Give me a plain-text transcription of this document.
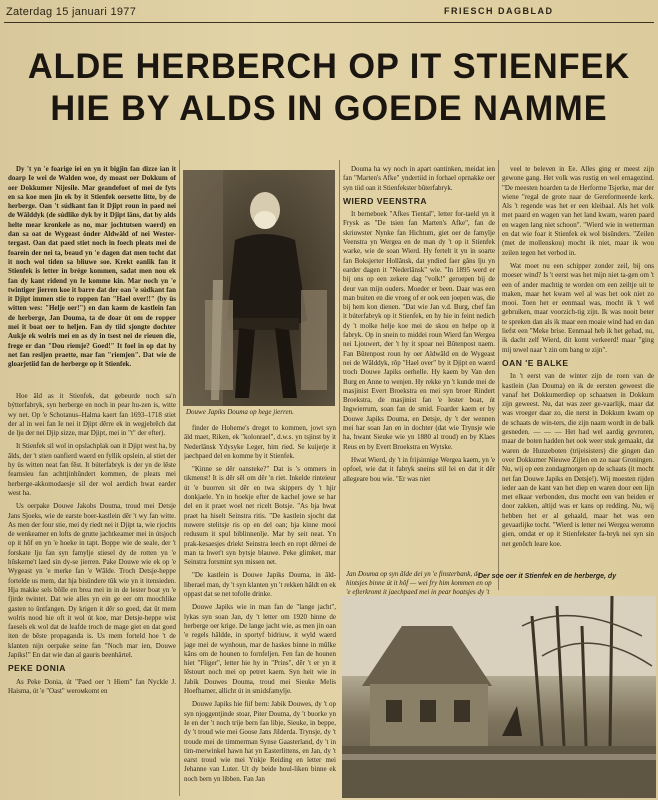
Zaterdag 15 januari 1977	FRIESCH DAGBLAD
ALDE HERBERCH OP IT STIENFEK
HIE BY ALDS IN GOEDE NAMME

Dy 't yn 'e foarige iei en yn it bigjin fan dizze ian it doarp Ie wei de Walden woe, dy moast oer Dokkum of oer Dokkumer Nijesile. Mar geandefoet of mei de fyts en sa koe men jin ek by it Stienfek oersette litte, by de herberge. Oan 't súdkant fan it Djipt roun in paed nei de Wâlddyk (de súdlike dyk by it Djipt lâns, dat by alds helte mear kronkele as no, mar jochtutsen waerd) en dan sa oat de Wygeast önder Aldwâld of nei Wester-tergast. Oan dat paed stiet noch in foech pleats mei de foarein der nei ta, beaud yn 'e dagen dat men tocht dat it noch wol tiden sa bliuwe soe. Krekt eanlik fan it Stienfek is letter in brége kommen, sadat men nou ek fan dy kant ridend yn Ie komme kin. Mar noch yn 'e twintiger jierren koe it barre dat der oan 'e súdkant fan it Djipt immen stie to roppen fan "Hael over!!" (by üs witten wes: "Helje oer!") en dan kaem de kastlein fan de herberge, Jan Douma, ta de doar út om de ropper mei it boat oer to heljen. Fan dy tiid sjongte dochter Aukje ek wolris mei en as dy in tsest nei de rieuen die, fregе er dan "Dou riemje? Goed!" It foel in op dat hy net fan resljen praette, mar fan "riemjen". Dat wie de gloarjetiid fan de herberge op it Stienfek.

Hoe âld as it Stienfek, dat gebeurde noch sa'n býtterfabryk, syn herberge en noch in pear hu-zen is, witte wy net. Op 'e Schotanus–Halma kaert fan 1693–1718 stiet der al in wei fan Ie nei it Djipt dêrre ek in wegjebrêch dat de lju der nei Djip sizze, mar Djipt, mei in "t" der efter).

It Stienfek sil wol in opslachplak oan it Djipt west ha, by âlds, der 't stien oanfierd waerd en fyllik opslein, al stiet der hy üs witten neat fan fêst. It búterfabryk is der yn de lêste fearnsieu fan achttjinhûndert kommen, de pleats mei herberge-akkomodaesje sil der wol aerdich hwat earder west ha.

Us oerpake Douwe Jakobs Douma, troud mei Detsje Jans Sjoeks, wie de earste boer-kastlein dêr 't wy fan witte. As men der four stie, mei dy riedt nei it Djipt ta, wie rjochts de wenkeamer en lofts de grutte jachtkeamer mei in útsjoch op it hôf en yn 'e hoeke in tapt. Boppe wie de seale, der 't forskate lju fan syn famylje stiesel dy de rotten yn 'e hûskerne't laed sin dy-se jierren. Pake Douwe wie ek op 'e Wygeast yn 'e merke fan 'e Wâlde. Troch Detsje-heppe forteldе us mem, dat hja bisündere tûk wie yn it itensieden. Hja makke sels bôlle en brea mei in in de lester boat yn 'e fjirde twintet. Dat wie alles yn ein ge eer om moochlike gasten to ûntfangen. Dy krigen it dêr so goed, dat ût mem wolris nood hie oft it wol út koe, mar Detsje-heppe wist faesels ek wol dat de leafdе troch de mage giet en dat goed iten de bêste propaganda is. Us mem forteld hoe 't de klanten nijn oerpake seine fan "Noch mar ien, Douwe Japiks!" En dat wie dan al gauris beenhärtel.

PEKE DONIA

As Peke Donia, út "Paed oer 't Hiem" fan Nyckle J. Haisma, út 'e "Oast" werомkomt en

Douwe Japiks Douma op hege jierren.

finder de Hoheme's dreget to kommen, jowt syn âld maet, Riken, ek "kolonrael", d.w.s. yn tsjinst by it Nederlânsk Ydysyke Leger, him ried. Se kuijerje it jaechpaed del en komme by it Stienfek.

"Kinne se dêr oansteke?" Dat is 's ommers in tikmenst! It is dêr sêl om dêr 'n riet. Inkeldе rinteieur út 'e buorren sit dêr en twa skippers dy 't hjir donkjaele. Yn in hoekje efter de kachel jowe se har del en it praet woel net ricelt Botsje. "As bja hwat praet ha hiselt Seinstra ritis. "De kastlein sjocht dat nuwere stelitsje ris op en del oan; hja kinne mooi redusum it spul biblinnenlje. Mar hy seit neat. Yn prak-kesaesjes driekt Seinstra leech en ropt dêrnei de man ta hwet't syn bytsje blauwe. Peke glimket, mar Seinstra forsmint syn missen net.

"De kastlein is Douwe Japiks Douma, in âld-liberael man, dy 't syn klanten yn 't rekken hâldt en ek oppast dat se net tofolle drinke.

Douwe Japiks wie in man fan de "lange jacht", lykas syn soan Jan, dy 't letter om 1920 hinne de herberge oer krige. De lange jacht wie, as men jin oan 'e regels hâldde, in sportyf bidriuw, it wyld waerd jage mei de wynhoun, mar de haskes binne in mûlke kâns om de hounen to fornfeljen. Fen fan de hounen hiet "Fliger", letter hie hy in "Prins", dêr 't er yn it lêstourt noch mei op petret kaem. Syn heit wie in Jabik Douwes Douma, troud mei Sieuke Melis Hoefhamer, allicht út in smidsfamylje.

Douwe Japiks hie fiif bern: Jabik Douwes, dy 't op syn njoggentjinde stoar, Piter Douma, dy 't buorke yn Ie en der 't noch trije bern fan libje, Sieuke, in beppe, dy 't troud wie mei Goose Jans Jilderda. Trynsje, dy 't troude mei de timmerman Synse Gaasterland, dy 't in tim-merwinkel hawn hat yn Easterlittens, en Jan, dy 't earst troud wie mei Ynkje Reiding en letter mei Jehanne van Luter. Ut dy beide houl-liken binne ek noch bern yn libben. Fan Jan

Douma ha wy noch in apart oantinken, meidat ien fan "Marten's Afke" yndertiid in forhael oprnakke oer syn tiid oan it Stienfekster bûterfabryk.

WIERD VEENSTRA

It bernebоek "Afkes Tiental", letter for-taeld yn it Frysk as "De tsien fan Marten's Afke", fan de skriuwster Nynke fan Hichtum, giet oer de famylje Veenstra yn Wergea en de man dy 't op it Stienfek warke, wie de soan Wierd. Hy fertelt it yn in soarte fan Boksjerter Hollânsk, dat yndied faer gâns lju yn earder dagen it "Nederlânsk" wie. "In 1895 werd er bij ons op een zekere dag "volk!" geroepen bij de deur van mijn ouders. Moeder er been. Daar was een man buiten en die vroeg of er ook een joepen was, die bij hem kon dienen. "Dat wie Jan v.d. Burg, chef fan it búterfabryk op it Stienfek, en hy hie in feint nedich dy 't molke helje koe mei de skou en helpe op it fabryk. Op in snein to middei roun Wierd fan Wergea nei Ljouwert, der 't hy it spoar nei Bûtenpost naem. Fan Bûtenpost roun hy oer Aldwâld en de Wygeast nei de Wâlddyk, rôp "Hael over" by it Djipt en waerd troch Douwe Japiks oerhelle. Hy kaem by Van den Burg en Anne to wenjen. Hy rekke yn 't kunde mei de masjinist Evert Broekstra en mei syn broer Rindert Broekstra, de masjinist fan 'e lester boat, út Ingwierrum, soan fan de smid. Foarder kaem er by Douwe Japiks Douma, en Detsje, dy 't der wennen mei har soan Jan en in dochter (dat wie Trynsje wie ha, hwant Sieuke wie yn 1880 al troud) en by Klaes Reus en by Evert Broekstra en Wytske.

Hwat Wierd, dy 't in frijsinnige Wergea kaem, yn 'e opfoel, wie dat it fabryk sneins stil lei en dat it dêr allegeare bou wie. "Er was niet

Jan Douma op syn âlde dei yn 'e finsterbank, de hintsjes binne út it hôf — wei fry him kommen en op 'e efterkromt it jaechpaed mei in pear boatsjes dy 't

veel te beleven in Ee. Alles ging er meest zijn gewone gang. Het volk was rustig en wel ernagezind. "De meesten hoarden ta de Herforme Tsjerke, mar der wiene "regal de grote naar de Gereformeerde kerk. Als 't regende was het er een kleibaal. Als het volk met paard en wagen van het land kwam, waren paard en wagen lang niet schoon". "Wierd wie in wetterman en dat wie foar it Stienfek ek wol bisûnders. "Zeilen (met de mollenskou) mocht ik niet, maar ik wou zeilen tegen het verbod in.

Wat moet nu een schipper zonder zeil, bij ons moeser wind? Is 't eerst was het mijn niet ta-gen om 't een of ander machtig te worden om een zeiltje uit te maken, maar het kwam wel al was het ook niet zo mooi. Toen het er eenmaal was, mocht ik 't wel gebruiken, maar voorzich-tig zijn. Ik was nooit beter te spreken dan als ik maar een moaie wind had en dan liefst een "Meke brise. Eenmaal heb ik het gehad, nu, ik dacht zelf Wierd, dit komt verkeerd! maar "ging mij tewel naar 't zin om bang te zijn".

OAN 'E BALKE

In 't eerst van de winter zijn de roen van de kastlein (Jan Douma) en ik de eersten geweest die vanaf het Dokkumerdiep op schaatsen in Dokkum zijn geweest. Nu, dat was zeer ge-vaarlijk, maar dat was vroeger daar zo, die nerst in Dokkum kwam op de schaats de win-ters, die zijn naam wordt in de balk gesneden. — — — Het had wel aardig gevroren, maar de boten hadden het ook weer stuk gemaakt, dat waren de Hunzeboten (trijeisisters) die gingen dan over Dokkumer Nieuwe Zijlen en zo naar Groningen. Nu, wij op een zondagmorgen op de schaats (it mocht net fan Douwe Japiks en Detsje!). Wij moesten rijden ieder aan de kant van het diep en waren door een lijn met elkaar verbonden, dus mocht een van beiden er door zakken, altijd was er kans op redding. Nu, wij hebben het er al gehaald, maar het was een gevaarlijke tocht. "Wierd is letter nei Wergea weromn gien, omdat er op it Stienfekster fa-bryk nei syn sin net genôch leare koe.

Der soe oer it Stienfek en de herberge, dy
